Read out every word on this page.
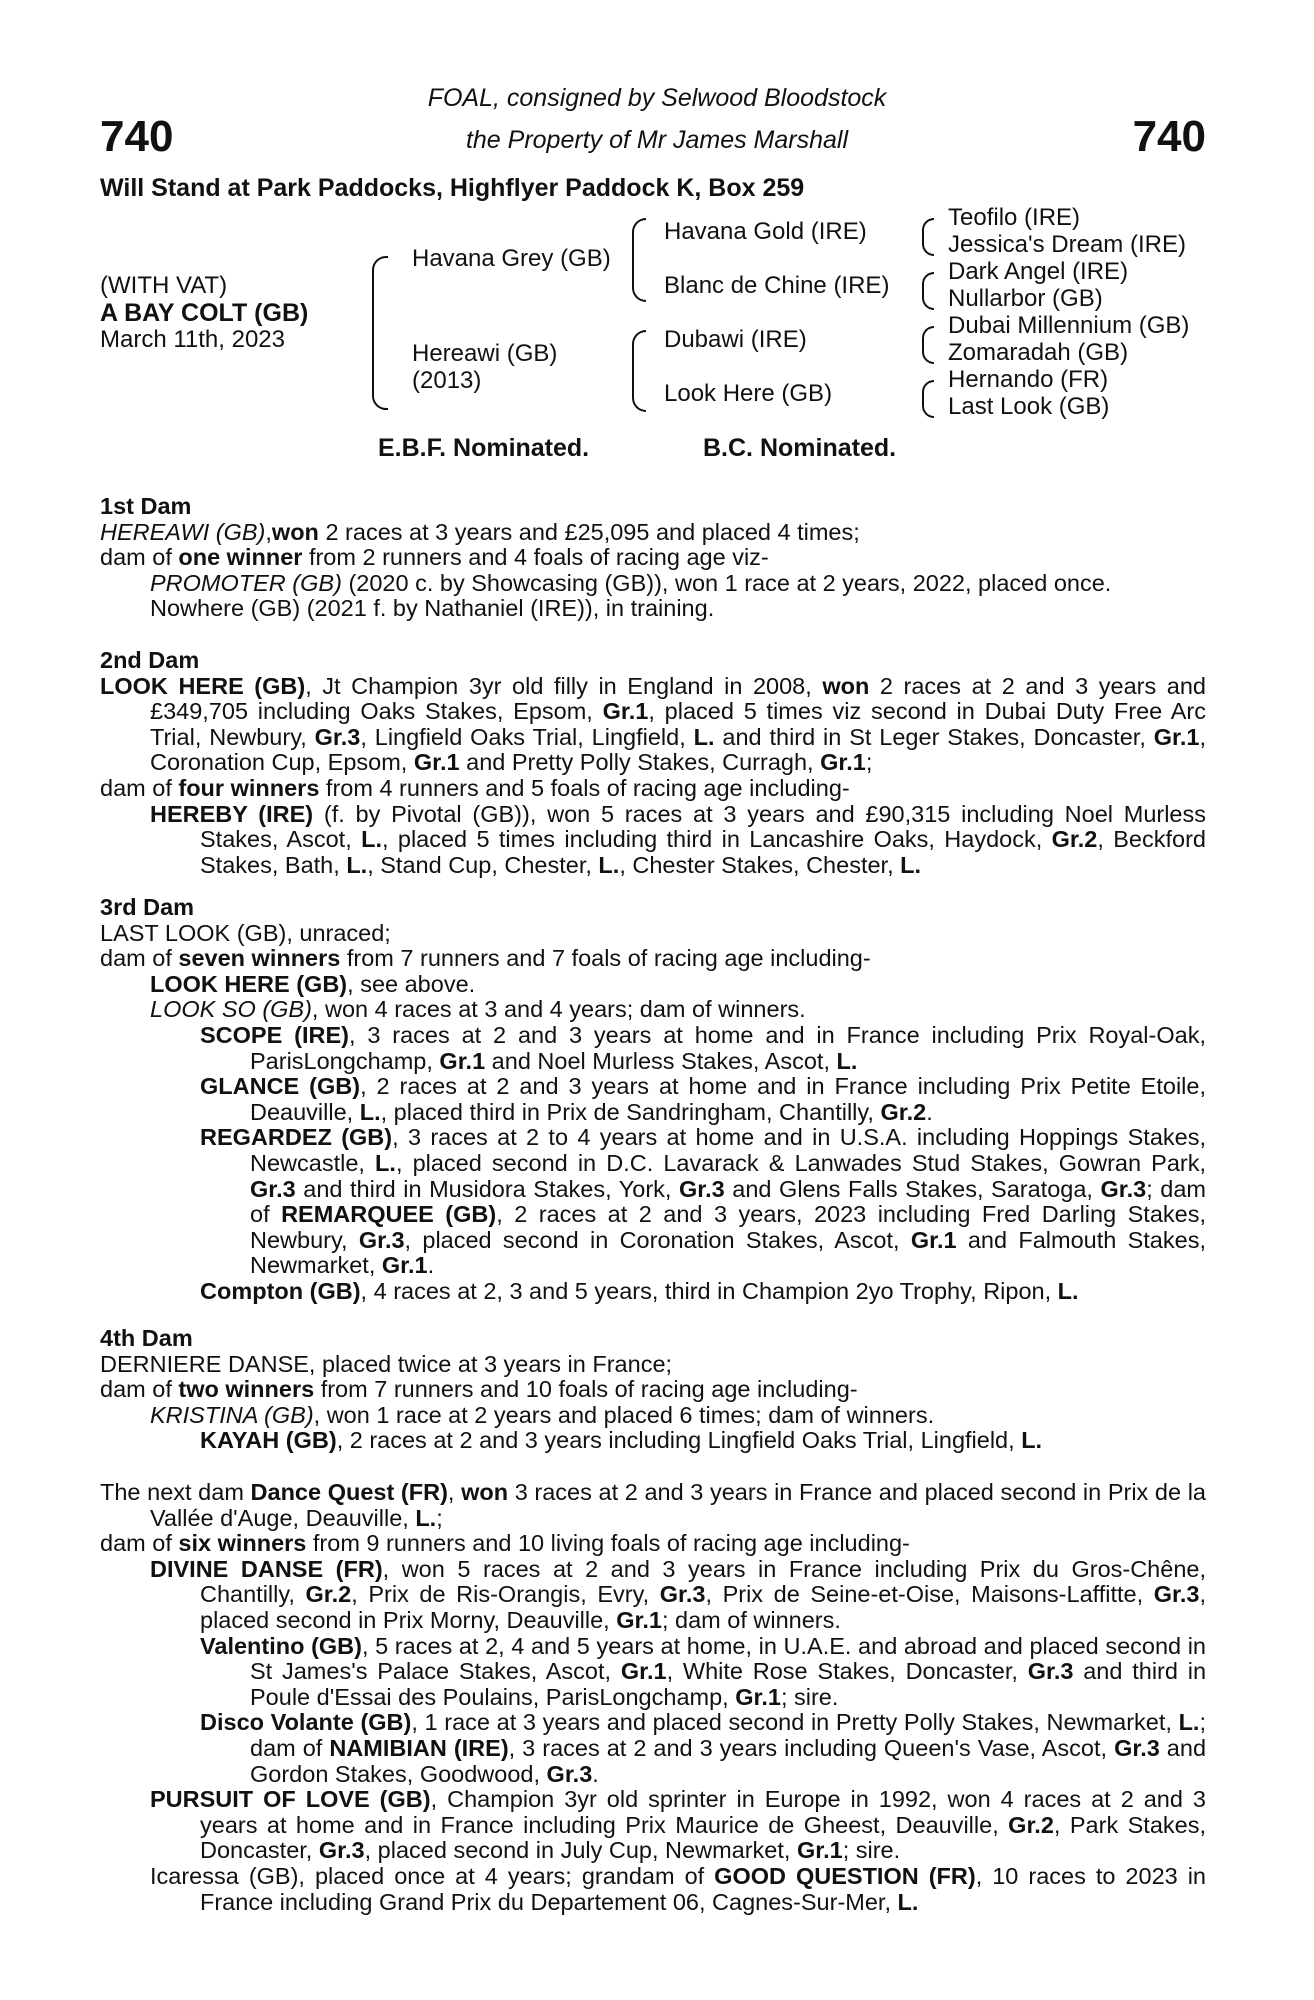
740	740
FOAL, consigned by Selwood Bloodstock
the Property of Mr James Marshall
Will Stand at Park Paddocks, Highflyer Paddock K, Box 259
(WITH VAT)
A BAY COLT (GB)
March 11th, 2023
Havana Grey (GB)
Hereawi (GB)
(2013)
Havana Gold (IRE)
Blanc de Chine (IRE)
Dubawi (IRE)
Look Here (GB)
Teofilo (IRE)
Jessica's Dream (IRE)
Dark Angel (IRE)
Nullarbor (GB)
Dubai Millennium (GB)
Zomaradah (GB)
Hernando (FR)
Last Look (GB)
E.B.F. Nominated.	B.C. Nominated.

1st Dam

HEREAWI (GB),won 2 races at 3 years and £25,095 and placed 4 times;

dam of one winner from 2 runners and 4 foals of racing age viz-

PROMOTER (GB) (2020 c. by Showcasing (GB)), won 1 race at 2 years, 2022, placed once.

Nowhere (GB) (2021 f. by Nathaniel (IRE)), in training.

2nd Dam

LOOK HERE (GB), Jt Champion 3yr old filly in England in 2008, won 2 races at 2 and 3 years and £349,705 including Oaks Stakes, Epsom, Gr.1, placed 5 times viz second in Dubai Duty Free Arc Trial, Newbury, Gr.3, Lingfield Oaks Trial, Lingfield, L. and third in St Leger Stakes, Doncaster, Gr.1, Coronation Cup, Epsom, Gr.1 and Pretty Polly Stakes, Curragh, Gr.1;

dam of four winners from 4 runners and 5 foals of racing age including-

HEREBY (IRE) (f. by Pivotal (GB)), won 5 races at 3 years and £90,315 including Noel Murless Stakes, Ascot, L., placed 5 times including third in Lancashire Oaks, Haydock, Gr.2, Beckford Stakes, Bath, L., Stand Cup, Chester, L., Chester Stakes, Chester, L.

3rd Dam

LAST LOOK (GB), unraced;

dam of seven winners from 7 runners and 7 foals of racing age including-

LOOK HERE (GB), see above.

LOOK SO (GB), won 4 races at 3 and 4 years; dam of winners.

SCOPE (IRE), 3 races at 2 and 3 years at home and in France including Prix Royal-Oak, ParisLongchamp, Gr.1 and Noel Murless Stakes, Ascot, L.

GLANCE (GB), 2 races at 2 and 3 years at home and in France including Prix Petite Etoile, Deauville, L., placed third in Prix de Sandringham, Chantilly, Gr.2.

REGARDEZ (GB), 3 races at 2 to 4 years at home and in U.S.A. including Hoppings Stakes, Newcastle, L., placed second in D.C. Lavarack & Lanwades Stud Stakes, Gowran Park, Gr.3 and third in Musidora Stakes, York, Gr.3 and Glens Falls Stakes, Saratoga, Gr.3; dam of REMARQUEE (GB), 2 races at 2 and 3 years, 2023 including Fred Darling Stakes, Newbury, Gr.3, placed second in Coronation Stakes, Ascot, Gr.1 and Falmouth Stakes, Newmarket, Gr.1.

Compton (GB), 4 races at 2, 3 and 5 years, third in Champion 2yo Trophy, Ripon, L.

4th Dam

DERNIERE DANSE, placed twice at 3 years in France;

dam of two winners from 7 runners and 10 foals of racing age including-

KRISTINA (GB), won 1 race at 2 years and placed 6 times; dam of winners.

KAYAH (GB), 2 races at 2 and 3 years including Lingfield Oaks Trial, Lingfield, L.

The next dam Dance Quest (FR), won 3 races at 2 and 3 years in France and placed second in Prix de la Vallée d'Auge, Deauville, L.;

dam of six winners from 9 runners and 10 living foals of racing age including-

DIVINE DANSE (FR), won 5 races at 2 and 3 years in France including Prix du Gros-Chêne, Chantilly, Gr.2, Prix de Ris-Orangis, Evry, Gr.3, Prix de Seine-et-Oise, Maisons-Laffitte, Gr.3, placed second in Prix Morny, Deauville, Gr.1; dam of winners.

Valentino (GB), 5 races at 2, 4 and 5 years at home, in U.A.E. and abroad and placed second in St James's Palace Stakes, Ascot, Gr.1, White Rose Stakes, Doncaster, Gr.3 and third in Poule d'Essai des Poulains, ParisLongchamp, Gr.1; sire.

Disco Volante (GB), 1 race at 3 years and placed second in Pretty Polly Stakes, Newmarket, L.; dam of NAMIBIAN (IRE), 3 races at 2 and 3 years including Queen's Vase, Ascot, Gr.3 and Gordon Stakes, Goodwood, Gr.3.

PURSUIT OF LOVE (GB), Champion 3yr old sprinter in Europe in 1992, won 4 races at 2 and 3 years at home and in France including Prix Maurice de Gheest, Deauville, Gr.2, Park Stakes, Doncaster, Gr.3, placed second in July Cup, Newmarket, Gr.1; sire.

Icaressa (GB), placed once at 4 years; grandam of GOOD QUESTION (FR), 10 races to 2023 in France including Grand Prix du Departement 06, Cagnes-Sur-Mer, L.
